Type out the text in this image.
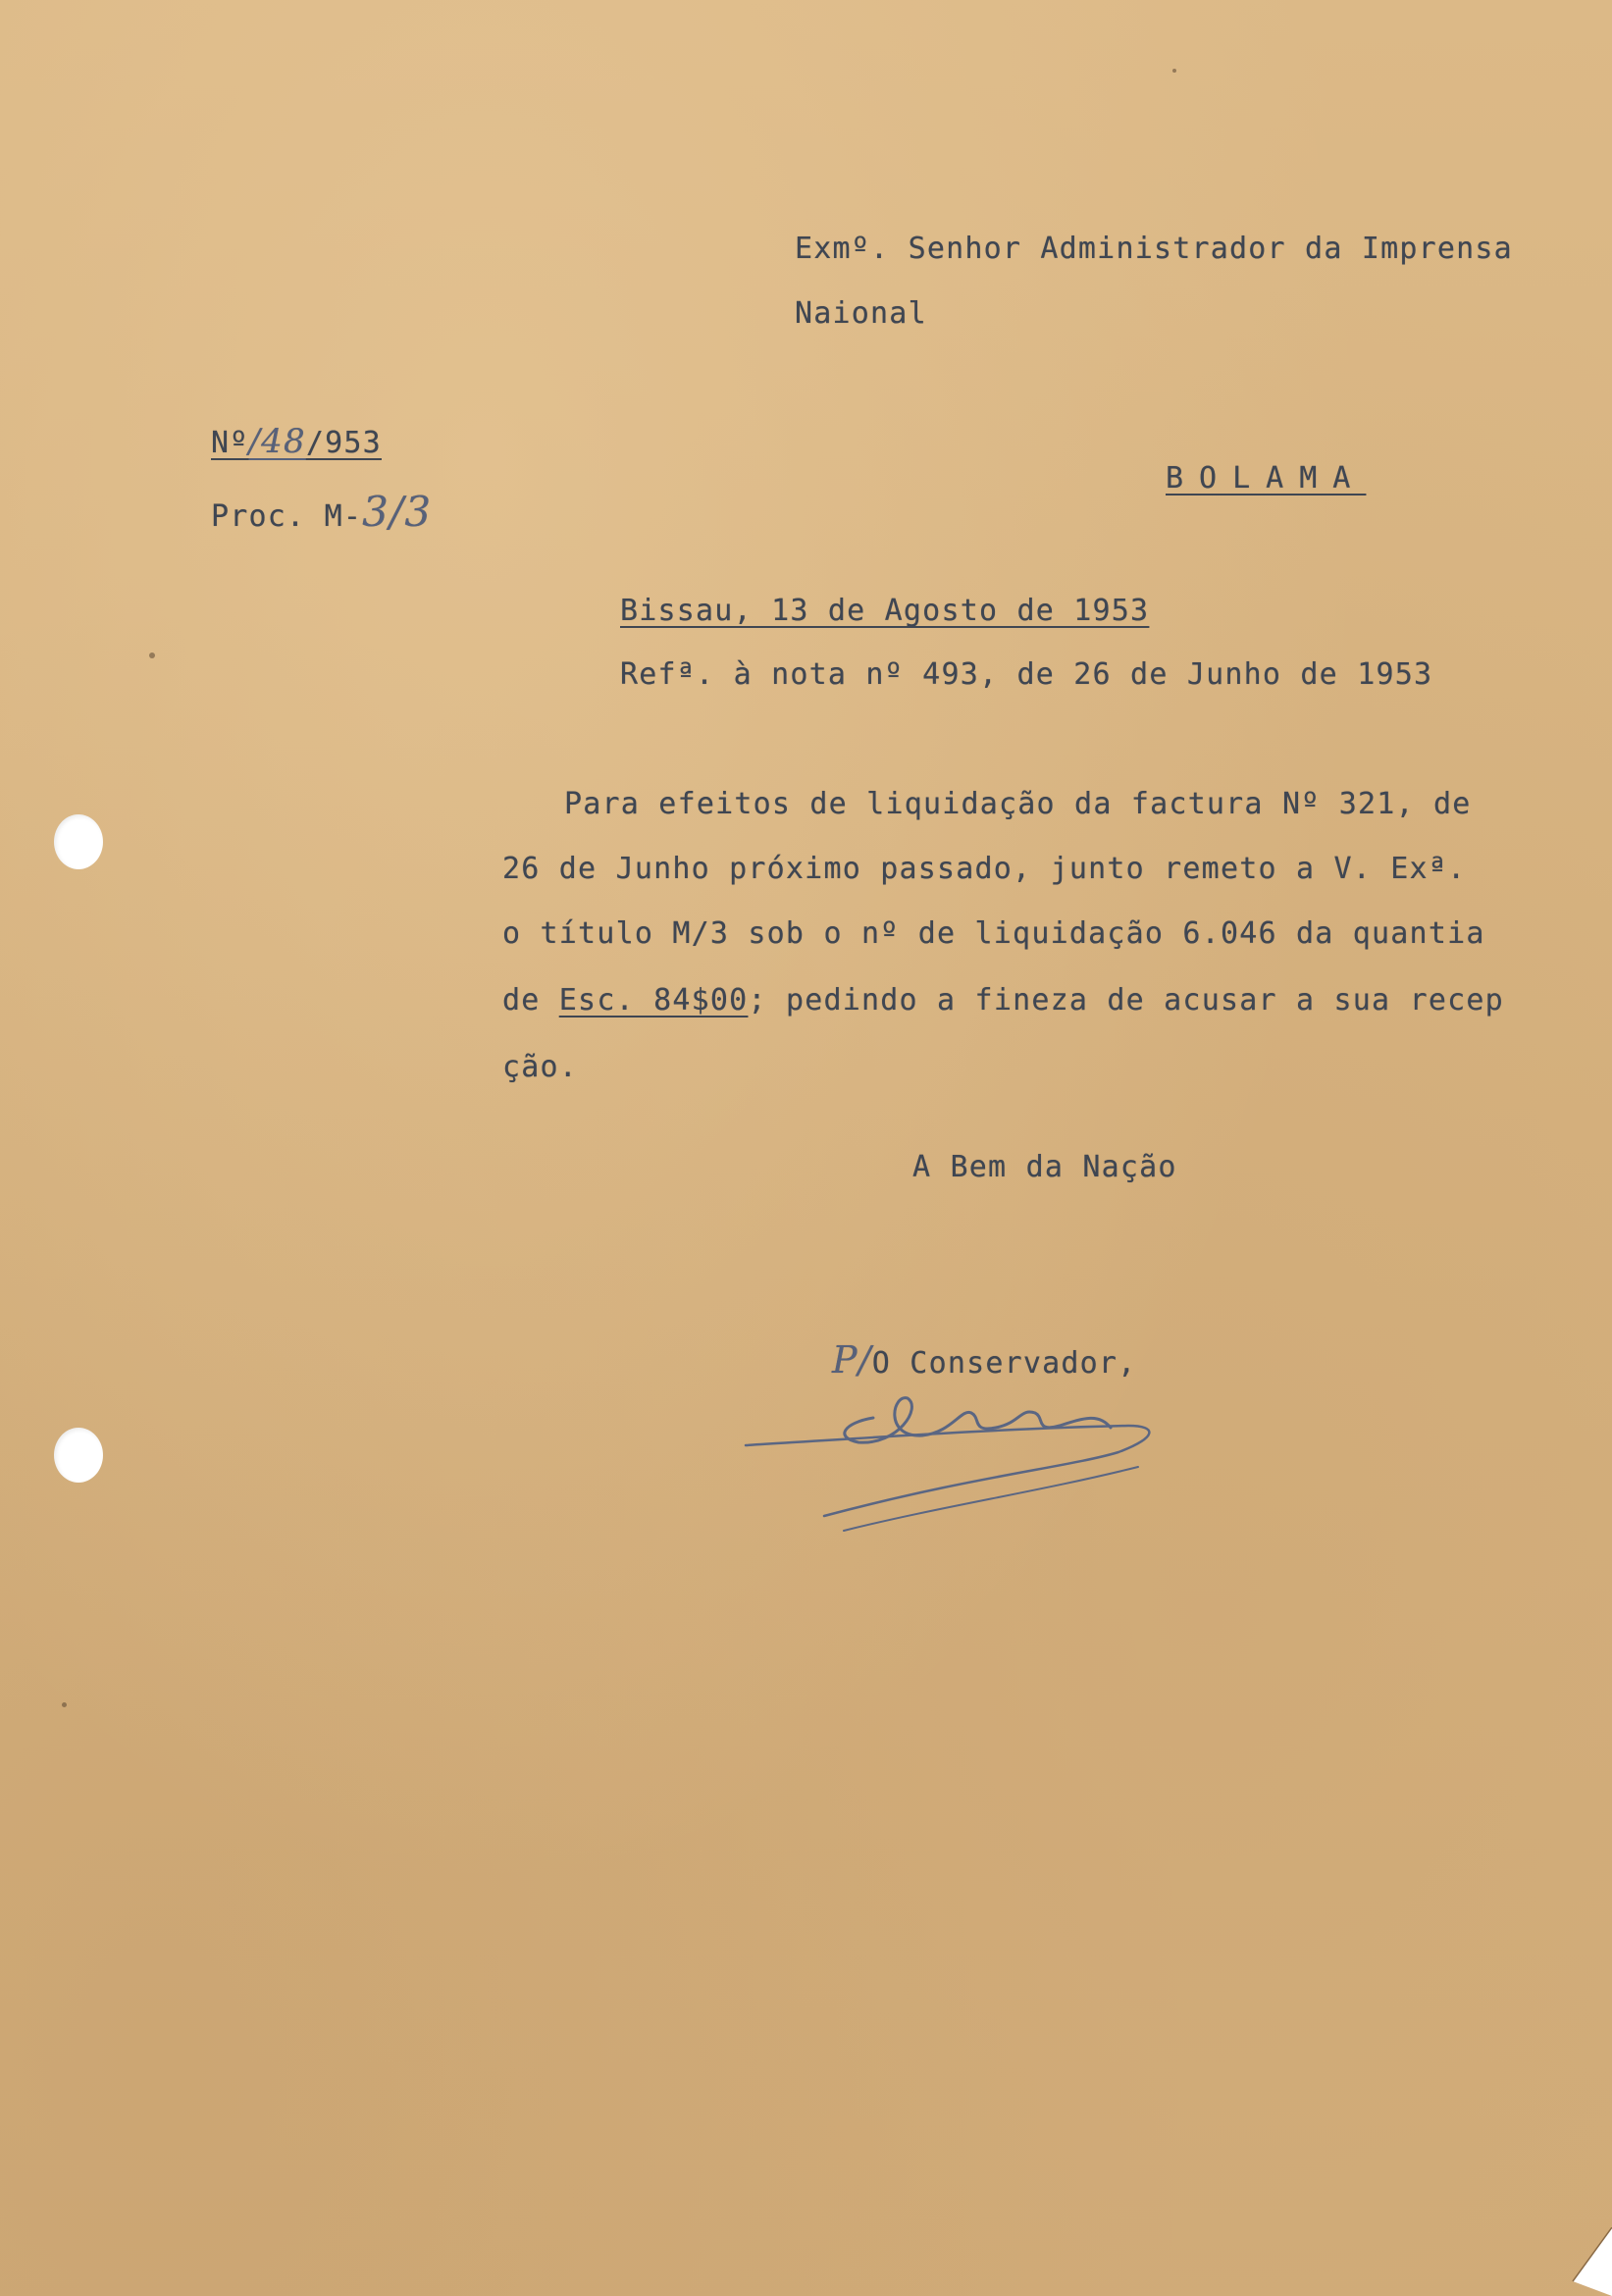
Exmº. Senhor Administrador da Imprensa
Naional
Nº/48/953
Proc. M-3/3
BOLAMA
Bissau, 13 de Agosto de 1953
Refª. à nota nº 493, de 26 de Junho de 1953
Para efeitos de liquidação da factura Nº 321, de
26 de Junho próximo passado, junto remeto a V. Exª.
o título M/3 sob o nº de liquidação 6.046 da quantia
de Esc. 84$00; pedindo a fineza de acusar a sua recep
ção.
A Bem da Nação
P/O Conservador,
